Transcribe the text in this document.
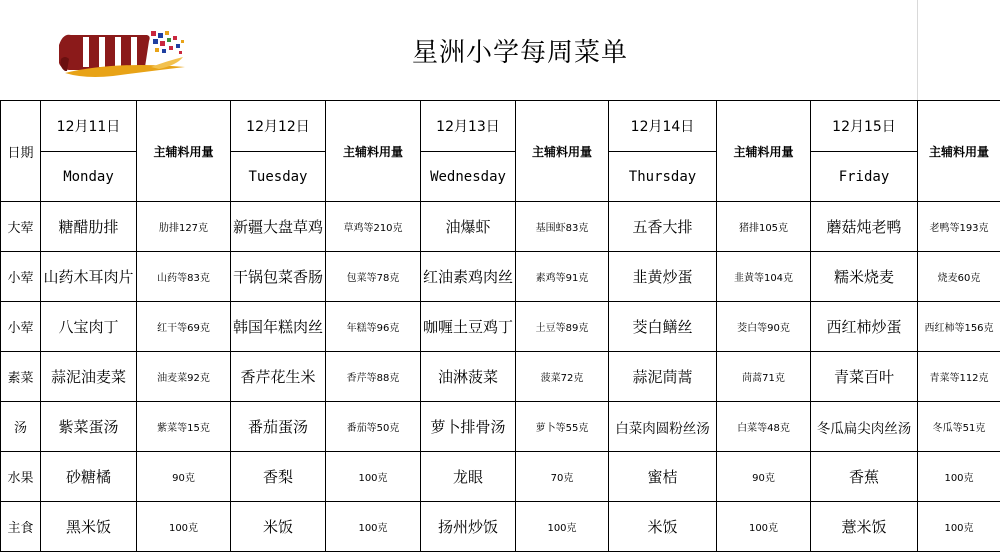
星洲小学每周菜单
日期	12月11日	主辅料用量	12月12日	主辅料用量	12月13日	主辅料用量	12月14日	主辅料用量	12月15日	主辅料用量
	Monday		Tuesday		Wednesday		Thursday		Friday	
大荤	糖醋肋排	肋排127克	新疆大盘草鸡	草鸡等210克	油爆虾	基围虾83克	五香大排	猪排105克	蘑菇炖老鸭	老鸭等193克
小荤	山药木耳肉片	山药等83克	干锅包菜香肠	包菜等78克	红油素鸡肉丝	素鸡等91克	韭黄炒蛋	韭黄等104克	糯米烧麦	烧麦60克
小荤	八宝肉丁	红干等69克	韩国年糕肉丝	年糕等96克	咖喱土豆鸡丁	土豆等89克	茭白鳝丝	茭白等90克	西红柿炒蛋	西红柿等156克
素菜	蒜泥油麦菜	油麦菜92克	香芹花生米	香芹等88克	油淋菠菜	菠菜72克	蒜泥茼蒿	茼蒿71克	青菜百叶	青菜等112克
汤	紫菜蛋汤	紫菜等15克	番茄蛋汤	番茄等50克	萝卜排骨汤	萝卜等55克	白菜肉圆粉丝汤	白菜等48克	冬瓜扁尖肉丝汤	冬瓜等51克
水果	砂糖橘	90克	香梨	100克	龙眼	70克	蜜桔	90克	香蕉	100克
主食	黑米饭	100克	米饭	100克	扬州炒饭	100克	米饭	100克	薏米饭	100克
